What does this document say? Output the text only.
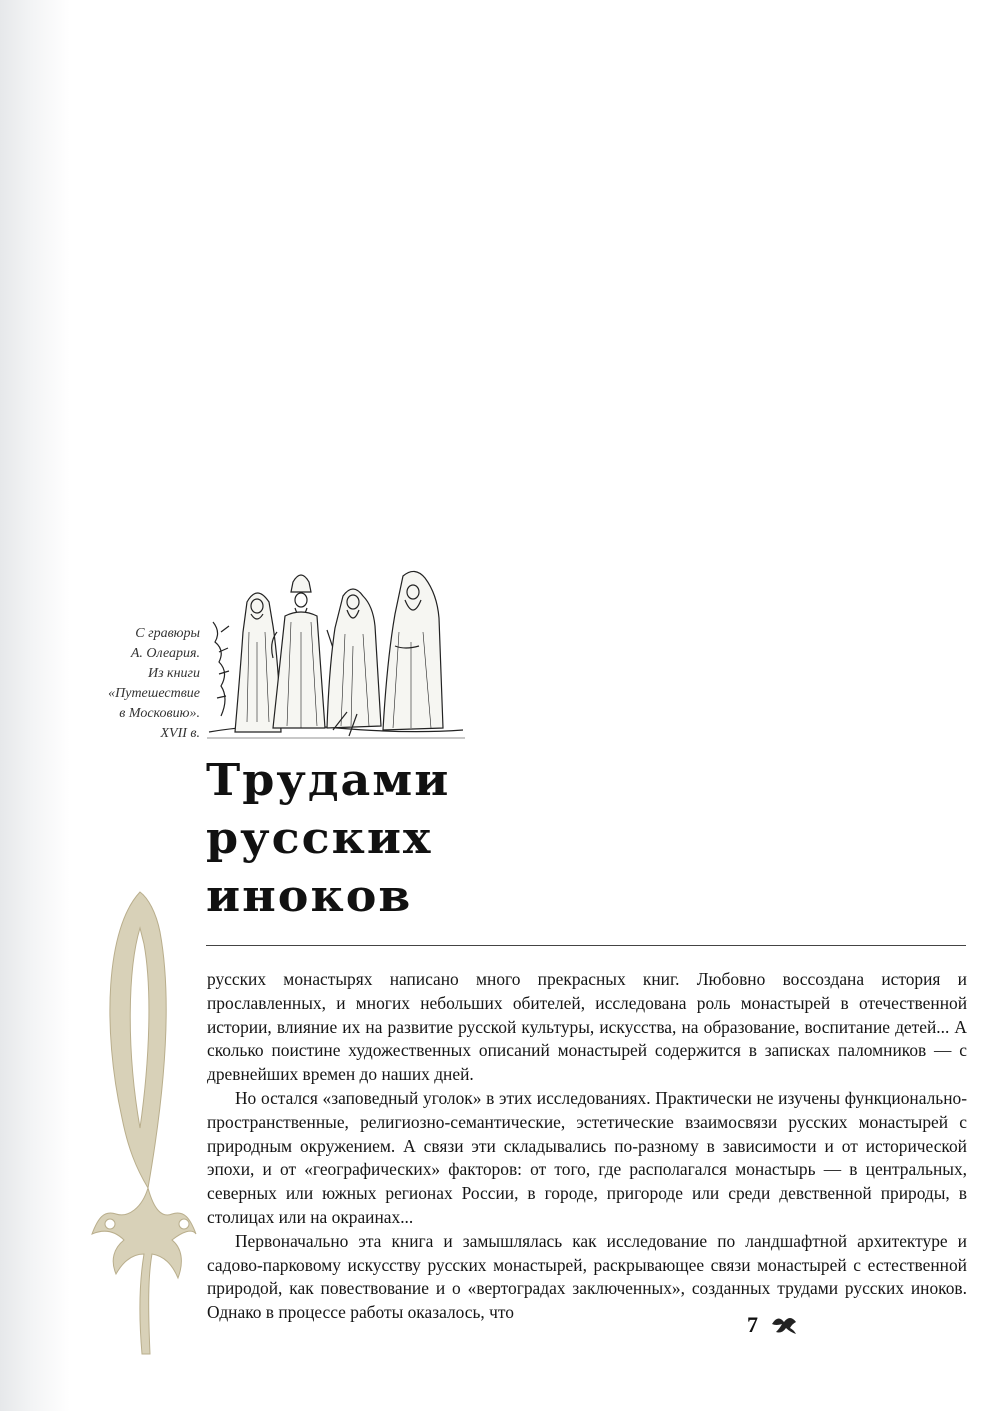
С гравюры
А. Олеария.
Из книги
«Путешествие
в Московию».
XVII в.
Трудами
русских
иноков

русских монастырях написано много прекрасных книг. Любовно воссоздана история и прославленных, и многих небольших обителей, исследована роль монастырей в отечественной истории, влияние их на развитие русской культуры, искусства, на образование, воспитание детей... А сколько поистине художественных описаний монастырей содержится в записках паломников — с древнейших времен до наших дней.

Но остался «заповедный уголок» в этих исследованиях. Практически не изучены функционально-пространственные, религиозно-семантические, эстетические взаимосвязи русских монастырей с природным окружением. А связи эти складывались по-разному в зависимости и от исторической эпохи, и от «географических» факторов: от того, где располагался монастырь — в центральных, северных или южных регионах России, в городе, пригороде или среди девственной природы, в столицах или на окраинах...

Первоначально эта книга и замышлялась как исследование по ландшафтной архитектуре и садово-парковому искусству русских монастырей, раскрывающее связи монастырей с естественной природой, как повествование и о «вертоградах заключенных», созданных трудами русских иноков. Однако в процессе работы оказалось, что	7
